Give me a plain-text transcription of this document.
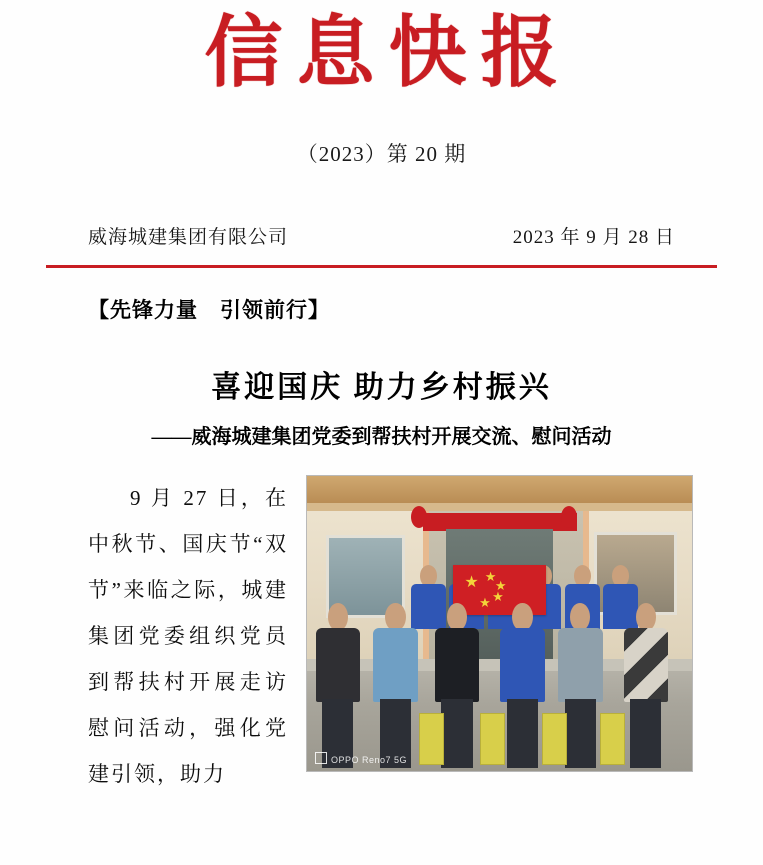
信息快报
（2023）第 20 期
威海城建集团有限公司	2023 年 9 月 28 日
【先锋力量　引领前行】
喜迎国庆 助力乡村振兴
——威海城建集团党委到帮扶村开展交流、慰问活动
9 月 27 日，在中秋节、国庆节“双节”来临之际，城建集团党委组织党员到帮扶村开展走访慰问活动，强化党建引领，助力
★ ★
★
★
★
OPPO Reno7 5G
